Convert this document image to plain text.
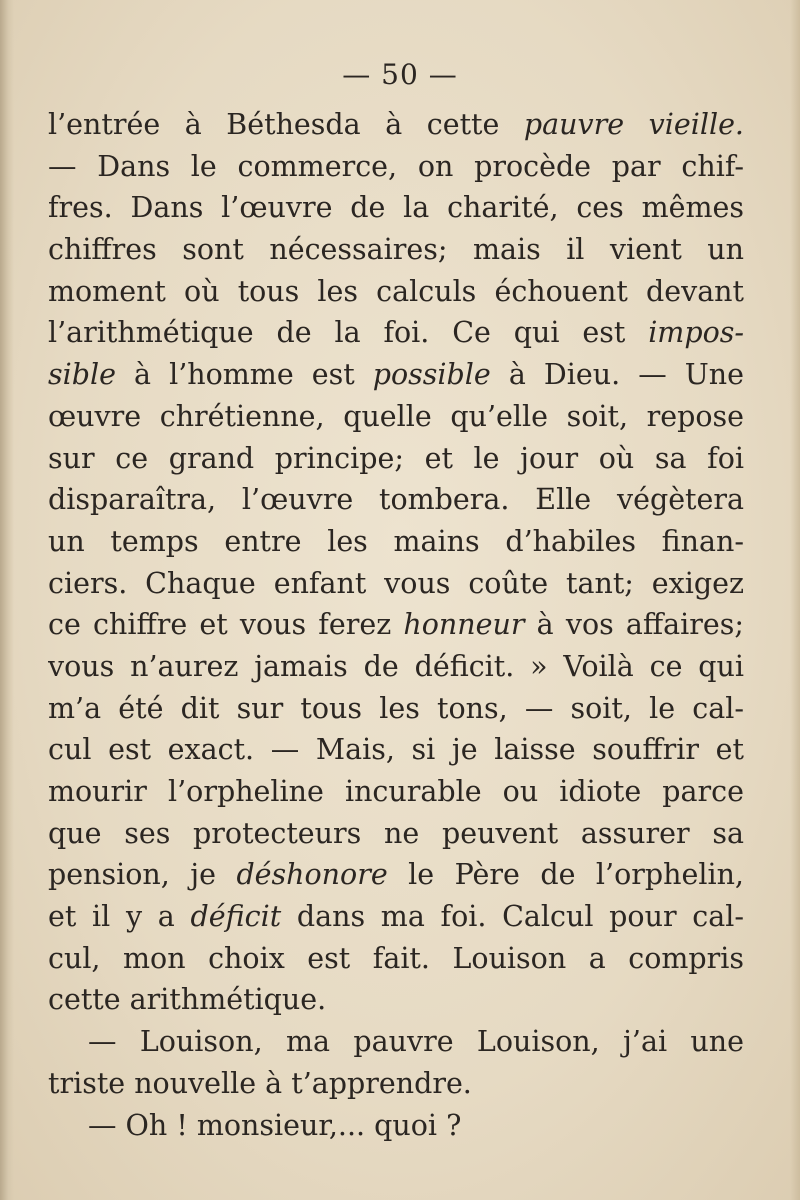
— 50 —
l’entrée à Béthesda à cette pauvre vieille.
— Dans le commerce, on procède par chif-
fres. Dans l’œuvre de la charité, ces mêmes
chiffres sont nécessaires; mais il vient un
moment où tous les calculs échouent devant
l’arithmétique de la foi. Ce qui est impos-
sible à l’homme est possible à Dieu. — Une
œuvre chrétienne, quelle qu’elle soit, repose
sur ce grand principe; et le jour où sa foi
disparaîtra, l’œuvre tombera. Elle végètera
un temps entre les mains d’habiles finan-
ciers. Chaque enfant vous coûte tant; exigez
ce chiffre et vous ferez honneur à vos affaires;
vous n’aurez jamais de déficit. » Voilà ce qui
m’a été dit sur tous les tons, — soit, le cal-
cul est exact. — Mais, si je laisse souffrir et
mourir l’orpheline incurable ou idiote parce
que ses protecteurs ne peuvent assurer sa
pension, je déshonore le Père de l’orphelin,
et il y a déficit dans ma foi. Calcul pour cal-
cul, mon choix est fait. Louison a compris
cette arithmétique.
— Louison, ma pauvre Louison, j’ai une
triste nouvelle à t’apprendre.
— Oh ! monsieur,... quoi ?
